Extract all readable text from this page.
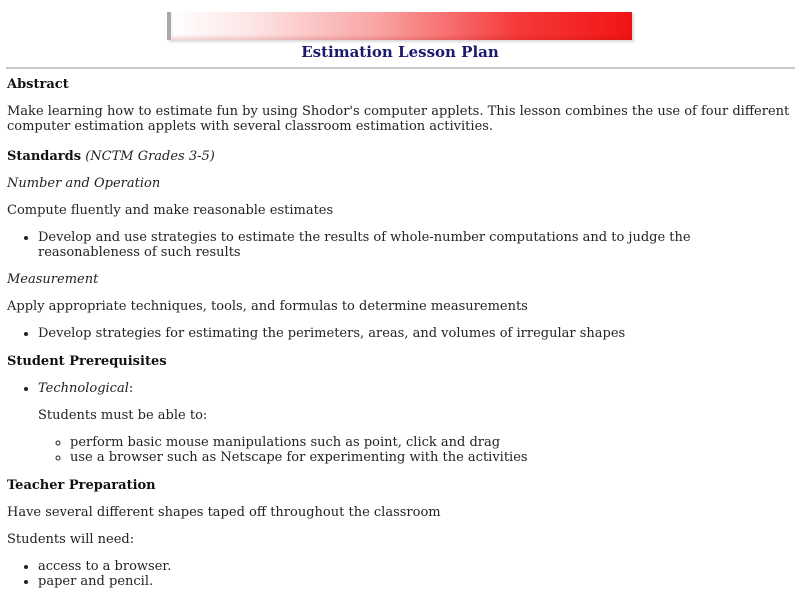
Estimation Lesson Plan

Abstract

Make learning how to estimate fun by using Shodor's computer applets. This lesson combines the use of four different computer estimation applets with several classroom estimation activities.

Standards (NCTM Grades 3-5)

Number and Operation

Compute fluently and make reasonable estimates

• Develop and use strategies to estimate the results of whole-number computations and to judge the reasonableness of such results

Measurement

Apply appropriate techniques, tools, and formulas to determine measurements

• Develop strategies for estimating the perimeters, areas, and volumes of irregular shapes

Student Prerequisites

• Technological:

Students must be able to:

◦ perform basic mouse manipulations such as point, click and drag
◦ use a browser such as Netscape for experimenting with the activities

Teacher Preparation

Have several different shapes taped off throughout the classroom

Students will need:

• access to a browser.
• paper and pencil.
